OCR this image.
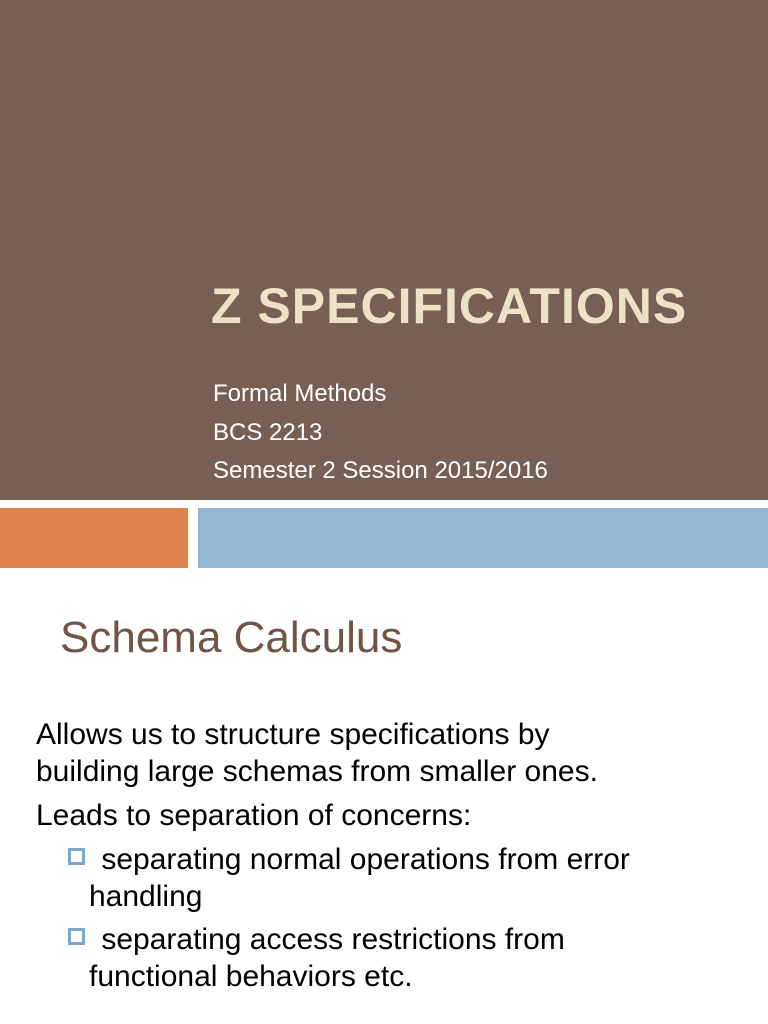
Z SPECIFICATIONS
Formal Methods
BCS 2213
Semester 2 Session 2015/2016
Schema Calculus

Allows us to structure specifications by
building large schemas from smaller ones.

Leads to separation of concerns:

separating normal operations from error
handling

separating access restrictions from
functional behaviors etc.
